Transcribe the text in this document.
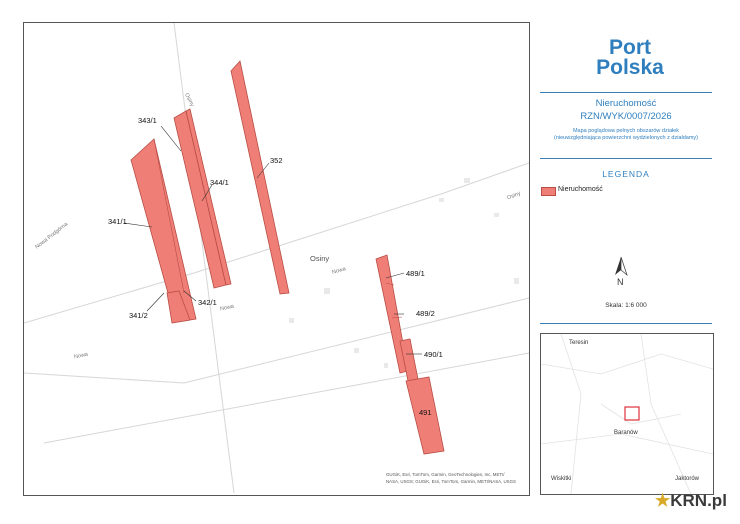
343/1
344/1
352
341/1
341/2
342/1
489/1
489/2
490/1
491
Osiny
Osiny
Nowa Podgórna
Nowa
Nowa
Nowa
Osiny
GUGiK, Esri, TomTom, Garmin, GeoTechnologies, Inc, METI/
NASA, USGS; GUGiK, Esri, TomTom, Garmin, METI/NASA, USGS
Port
Polska
Nieruchomość
RZN/WYK/0007/2026
Mapa poglądowa pełnych obszarów działek
(nieuwzględniająca powierzchni wydzielonych z działdamy)
LEGENDA
Nieruchomość
N
Skala: 1:6 000
Teresin
Baranów
Wiskitki	Jaktorów
★KRN.pl
